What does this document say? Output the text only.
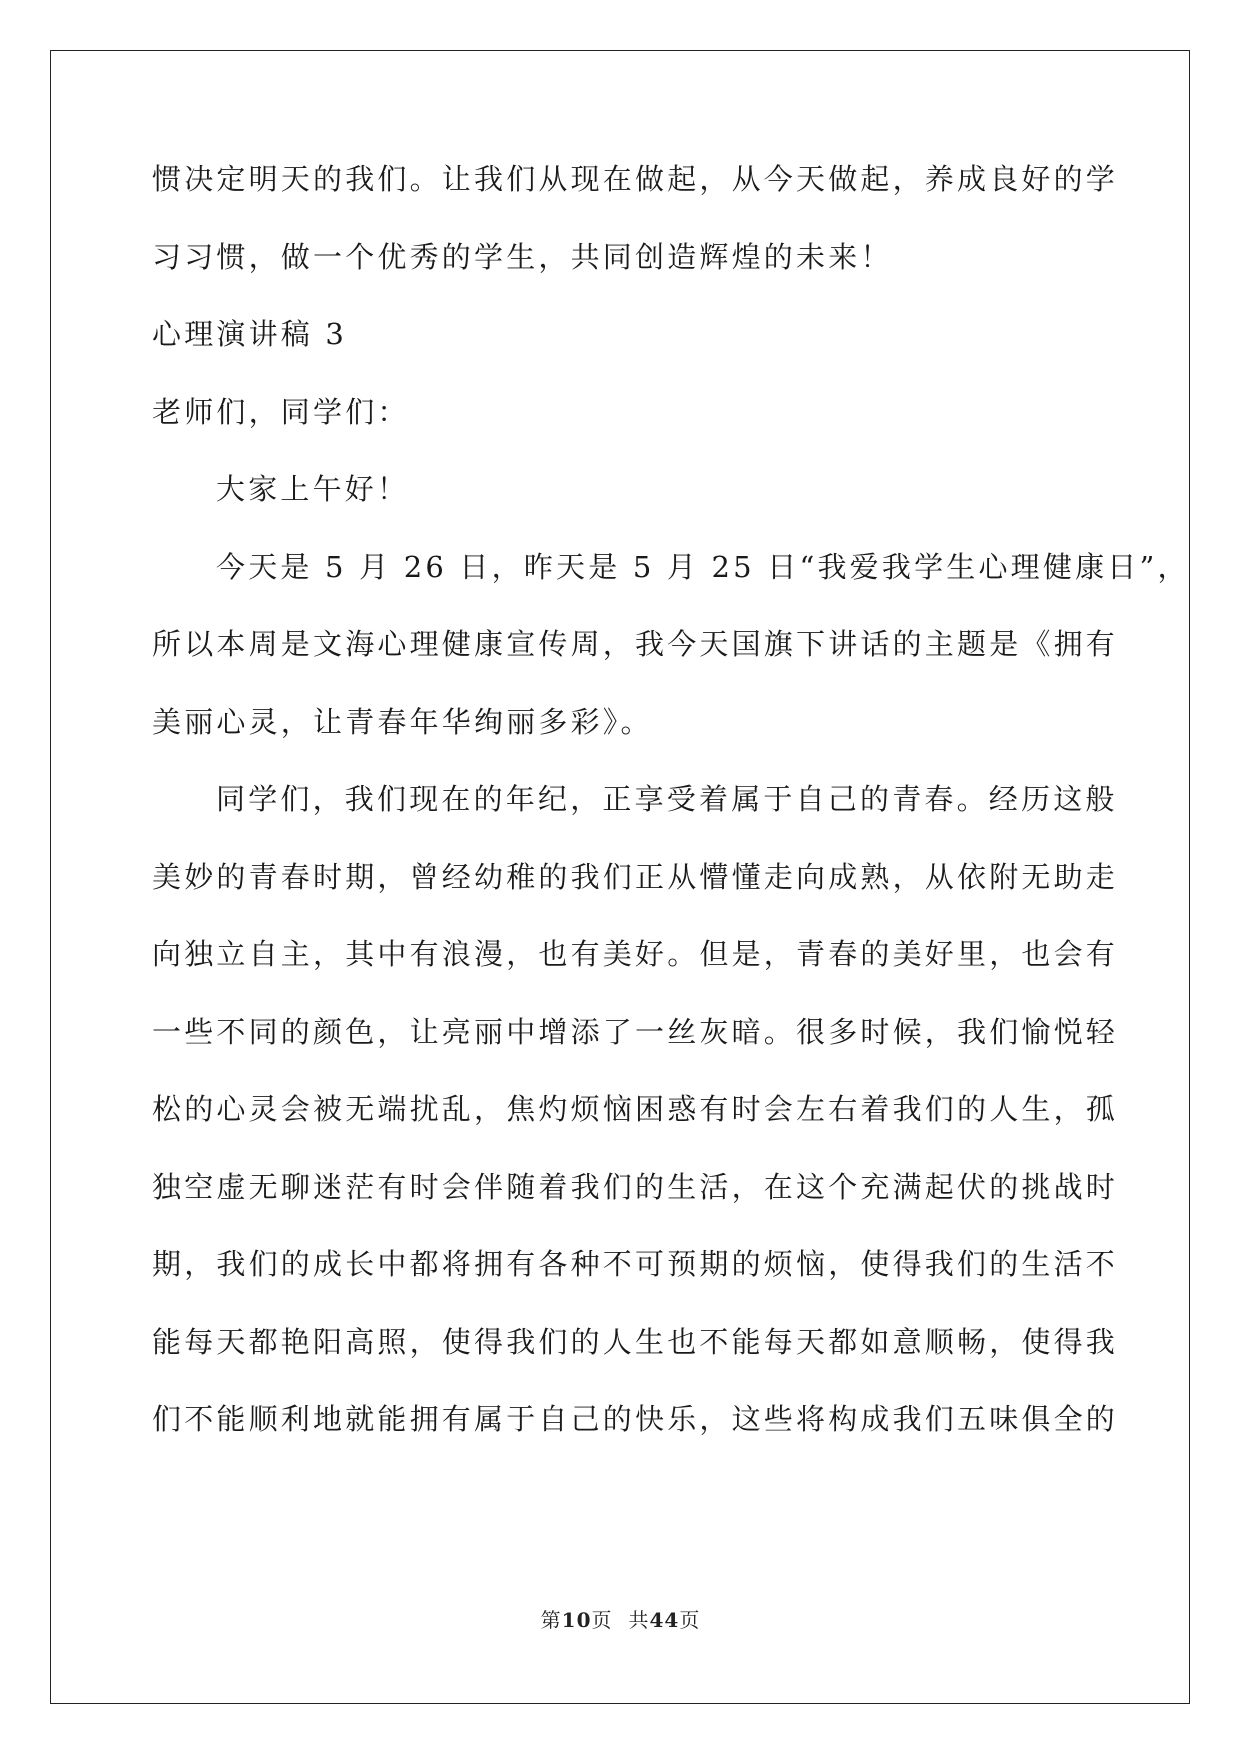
惯决定明天的我们。让我们从现在做起，从今天做起，养成良好的学

习习惯，做一个优秀的学生，共同创造辉煌的未来！

心理演讲稿 3

老师们，同学们：

大家上午好！

今天是 5 月 26 日，昨天是 5 月 25 日“我爱我学生心理健康日”，

所以本周是文海心理健康宣传周，我今天国旗下讲话的主题是《拥有

美丽心灵，让青春年华绚丽多彩》。

同学们，我们现在的年纪，正享受着属于自己的青春。经历这般

美妙的青春时期，曾经幼稚的我们正从懵懂走向成熟，从依附无助走

向独立自主，其中有浪漫，也有美好。但是，青春的美好里，也会有

一些不同的颜色，让亮丽中增添了一丝灰暗。很多时候，我们愉悦轻

松的心灵会被无端扰乱，焦灼烦恼困惑有时会左右着我们的人生，孤

独空虚无聊迷茫有时会伴随着我们的生活，在这个充满起伏的挑战时

期，我们的成长中都将拥有各种不可预期的烦恼，使得我们的生活不

能每天都艳阳高照，使得我们的人生也不能每天都如意顺畅，使得我

们不能顺利地就能拥有属于自己的快乐，这些将构成我们五味俱全的

第10页 共44页
